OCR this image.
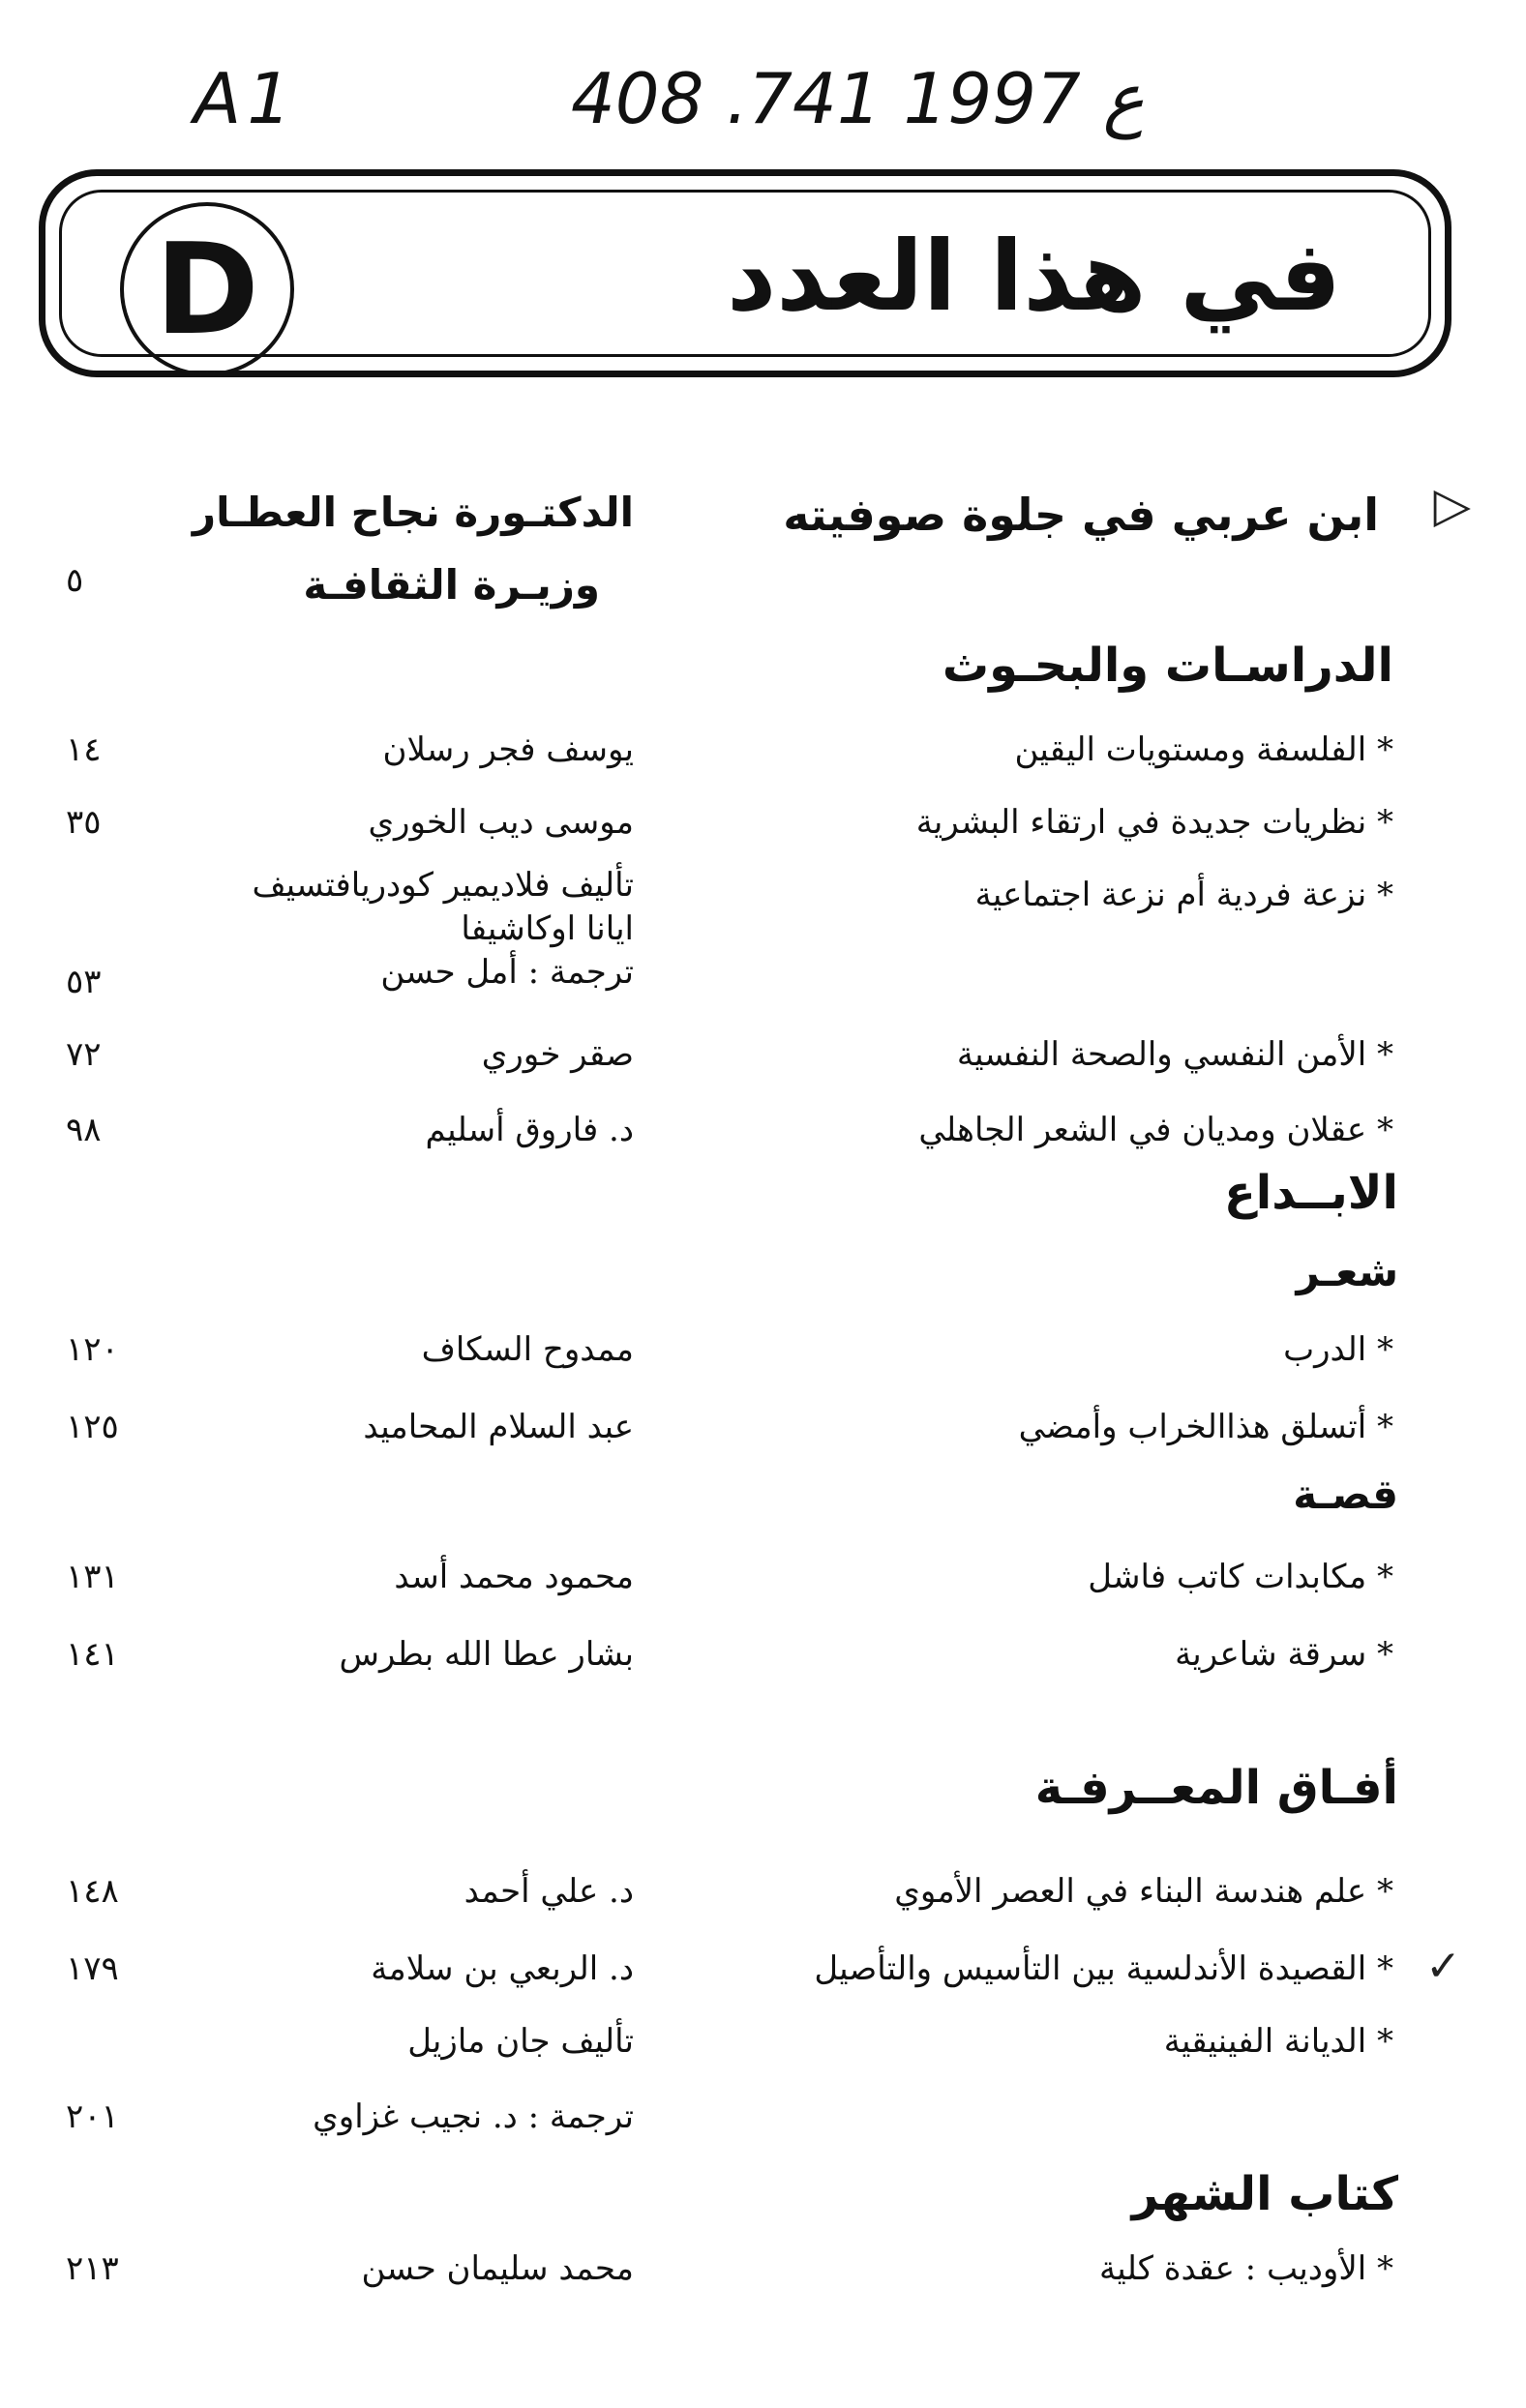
A1	408 .ع 1997 741
D	في هذا العدد
▷
ابن عربي في جلوة صوفيته
الدكتـورة نجاح العطـار
وزيـرة الثقافـة
٥
الدراسـات والبحـوث
* الفلسفة ومستويات اليقين
يوسف فجر رسلان
١٤
* نظريات جديدة في ارتقاء البشرية
موسى ديب الخوري
٣٥
* نزعة فردية أم نزعة اجتماعية
تأليف فلاديمير كودريافتسيف
ايانا اوكاشيفا
ترجمة : أمل حسن
٥٣
* الأمن النفسي والصحة النفسية
صقر خوري
٧٢
* عقلان ومديان في الشعر الجاهلي
د. فاروق أسليم
٩٨
الابــداع
شعـر
* الدرب
ممدوح السكاف
١٢٠
* أتسلق هذاالخراب وأمضي
عبد السلام المحاميد
١٢٥
قصـة
* مكابدات كاتب فاشل
محمود محمد أسد
١٣١
* سرقة شاعرية
بشار عطا الله بطرس
١٤١
أفـاق المعــرفـة
* علم هندسة البناء في العصر الأموي
د. علي أحمد
١٤٨
✓
* القصيدة الأندلسية بين التأسيس والتأصيل
د. الربعي بن سلامة
١٧٩
* الديانة الفينيقية
تأليف جان مازيل
ترجمة : د. نجيب غزاوي
٢٠١
كتاب الشهر
* الأوديب : عقدة كلية
محمد سليمان حسن
٢١٣
